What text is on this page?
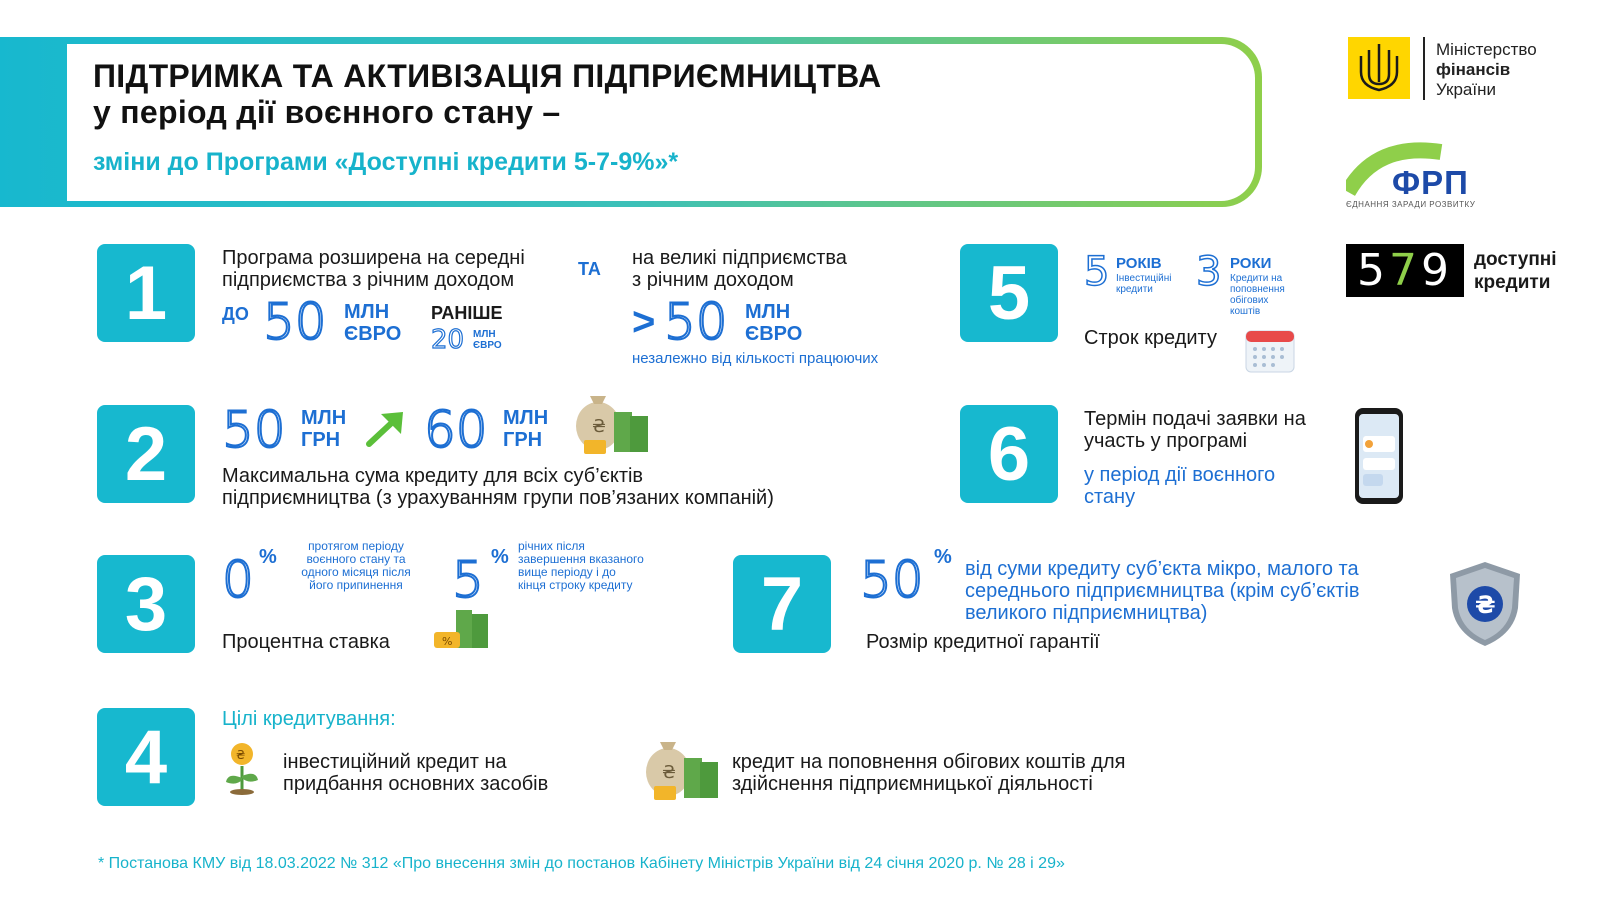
ПІДТРИМКА ТА АКТИВІЗАЦІЯ ПІДПРИЄМНИЦТВА
у період дії воєнного стану –
зміни до Програми «Доступні кредити 5-7-9%»*
Міністерство
фінансів
України
ФРП
ЄДНАННЯ ЗАРАДИ РОЗВИТКУ
5 7 9 доступні
кредити
1	Програма розширена на середні
підприємства з річним доходом	ТА на великі підприємства
з річним доходом
ДО 50 МЛН
ЄВРО
РАНІШЕ
20 МЛН
ЄВРО
> 50 МЛН
ЄВРО
незалежно від кількості працюючих
2	50 МЛН
ГРН 60 МЛН
ГРН
₴
Максимальна сума кредиту для всіх суб’єктів
підприємництва (з урахуванням групи пов’язаних компаній)
3	0 %	протягом періоду
воєнного стану та
одного місяця після
його припинення 5 % річних після
завершення вказаного
вище періоду і до
кінця строку кредиту
%
Процентна ставка
4	Цілі кредитування:
₴ інвестиційний кредит на
придбання основних засобів
₴	кредит на поповнення обігових коштів для
здійснення підприємницької діяльності
5	5 РОКІВ
Інвестиційні
кредити	3 РОКИ
Кредити на
поповнення
обігових
коштів
Строк кредиту
6	Термін подачі заявки на
участь у програмі
у період дії воєнного
стану
7	50 %
від суми кредиту суб’єкта мікро, малого та
середнього підприємництва (крім суб’єктів
великого підприємництва)
Розмір кредитної гарантії
₴
* Постанова КМУ від 18.03.2022 № 312 «Про внесення змін до постанов Кабінету Міністрів України від 24 січня 2020 р. № 28 і 29»
